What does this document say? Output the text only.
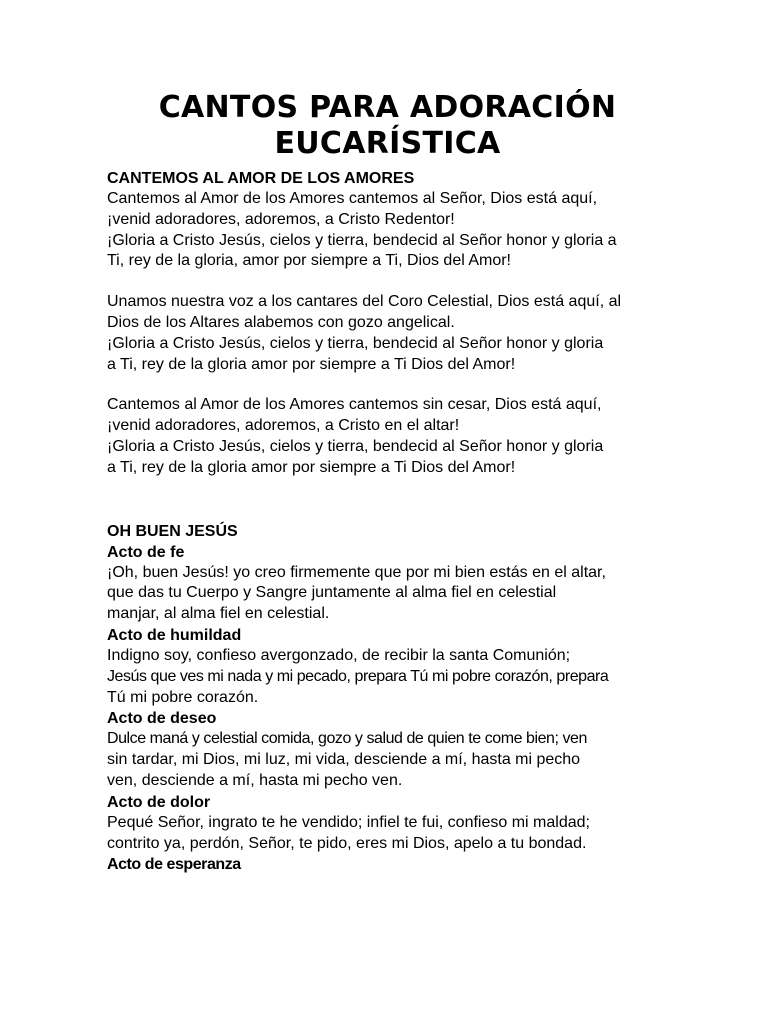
CANTOS PARA ADORACIÓN
EUCARÍSTICA
CANTEMOS AL AMOR DE LOS AMORES
Cantemos al Amor de los Amores cantemos al Señor, Dios está aquí,
¡venid adoradores, adoremos, a Cristo Redentor!
¡Gloria a Cristo Jesús, cielos y tierra, bendecid al Señor honor y gloria a
Ti, rey de la gloria, amor por siempre a Ti, Dios del Amor!
Unamos nuestra voz a los cantares del Coro Celestial, Dios está aquí, al
Dios de los Altares alabemos con gozo angelical.
¡Gloria a Cristo Jesús, cielos y tierra, bendecid al Señor honor y gloria
a Ti, rey de la gloria amor por siempre a Ti Dios del Amor!
Cantemos al Amor de los Amores cantemos sin cesar, Dios está aquí,
¡venid adoradores, adoremos, a Cristo en el altar!
¡Gloria a Cristo Jesús, cielos y tierra, bendecid al Señor honor y gloria
a Ti, rey de la gloria amor por siempre a Ti Dios del Amor!
OH BUEN JESÚS
Acto de fe
¡Oh, buen Jesús! yo creo firmemente que por mi bien estás en el altar,
que das tu Cuerpo y Sangre juntamente al alma fiel en celestial
manjar, al alma fiel en celestial.
Acto de humildad
Indigno soy, confieso avergonzado, de recibir la santa Comunión;
Jesús que ves mi nada y mi pecado, prepara Tú mi pobre corazón, prepara
Tú mi pobre corazón.
Acto de deseo
Dulce maná y celestial comida, gozo y salud de quien te come bien; ven
sin tardar, mi Dios, mi luz, mi vida, desciende a mí, hasta mi pecho
ven, desciende a mí, hasta mi pecho ven.
Acto de dolor
Pequé Señor, ingrato te he vendido; infiel te fui, confieso mi maldad;
contrito ya, perdón, Señor, te pido, eres mi Dios, apelo a tu bondad.
Acto de esperanza
